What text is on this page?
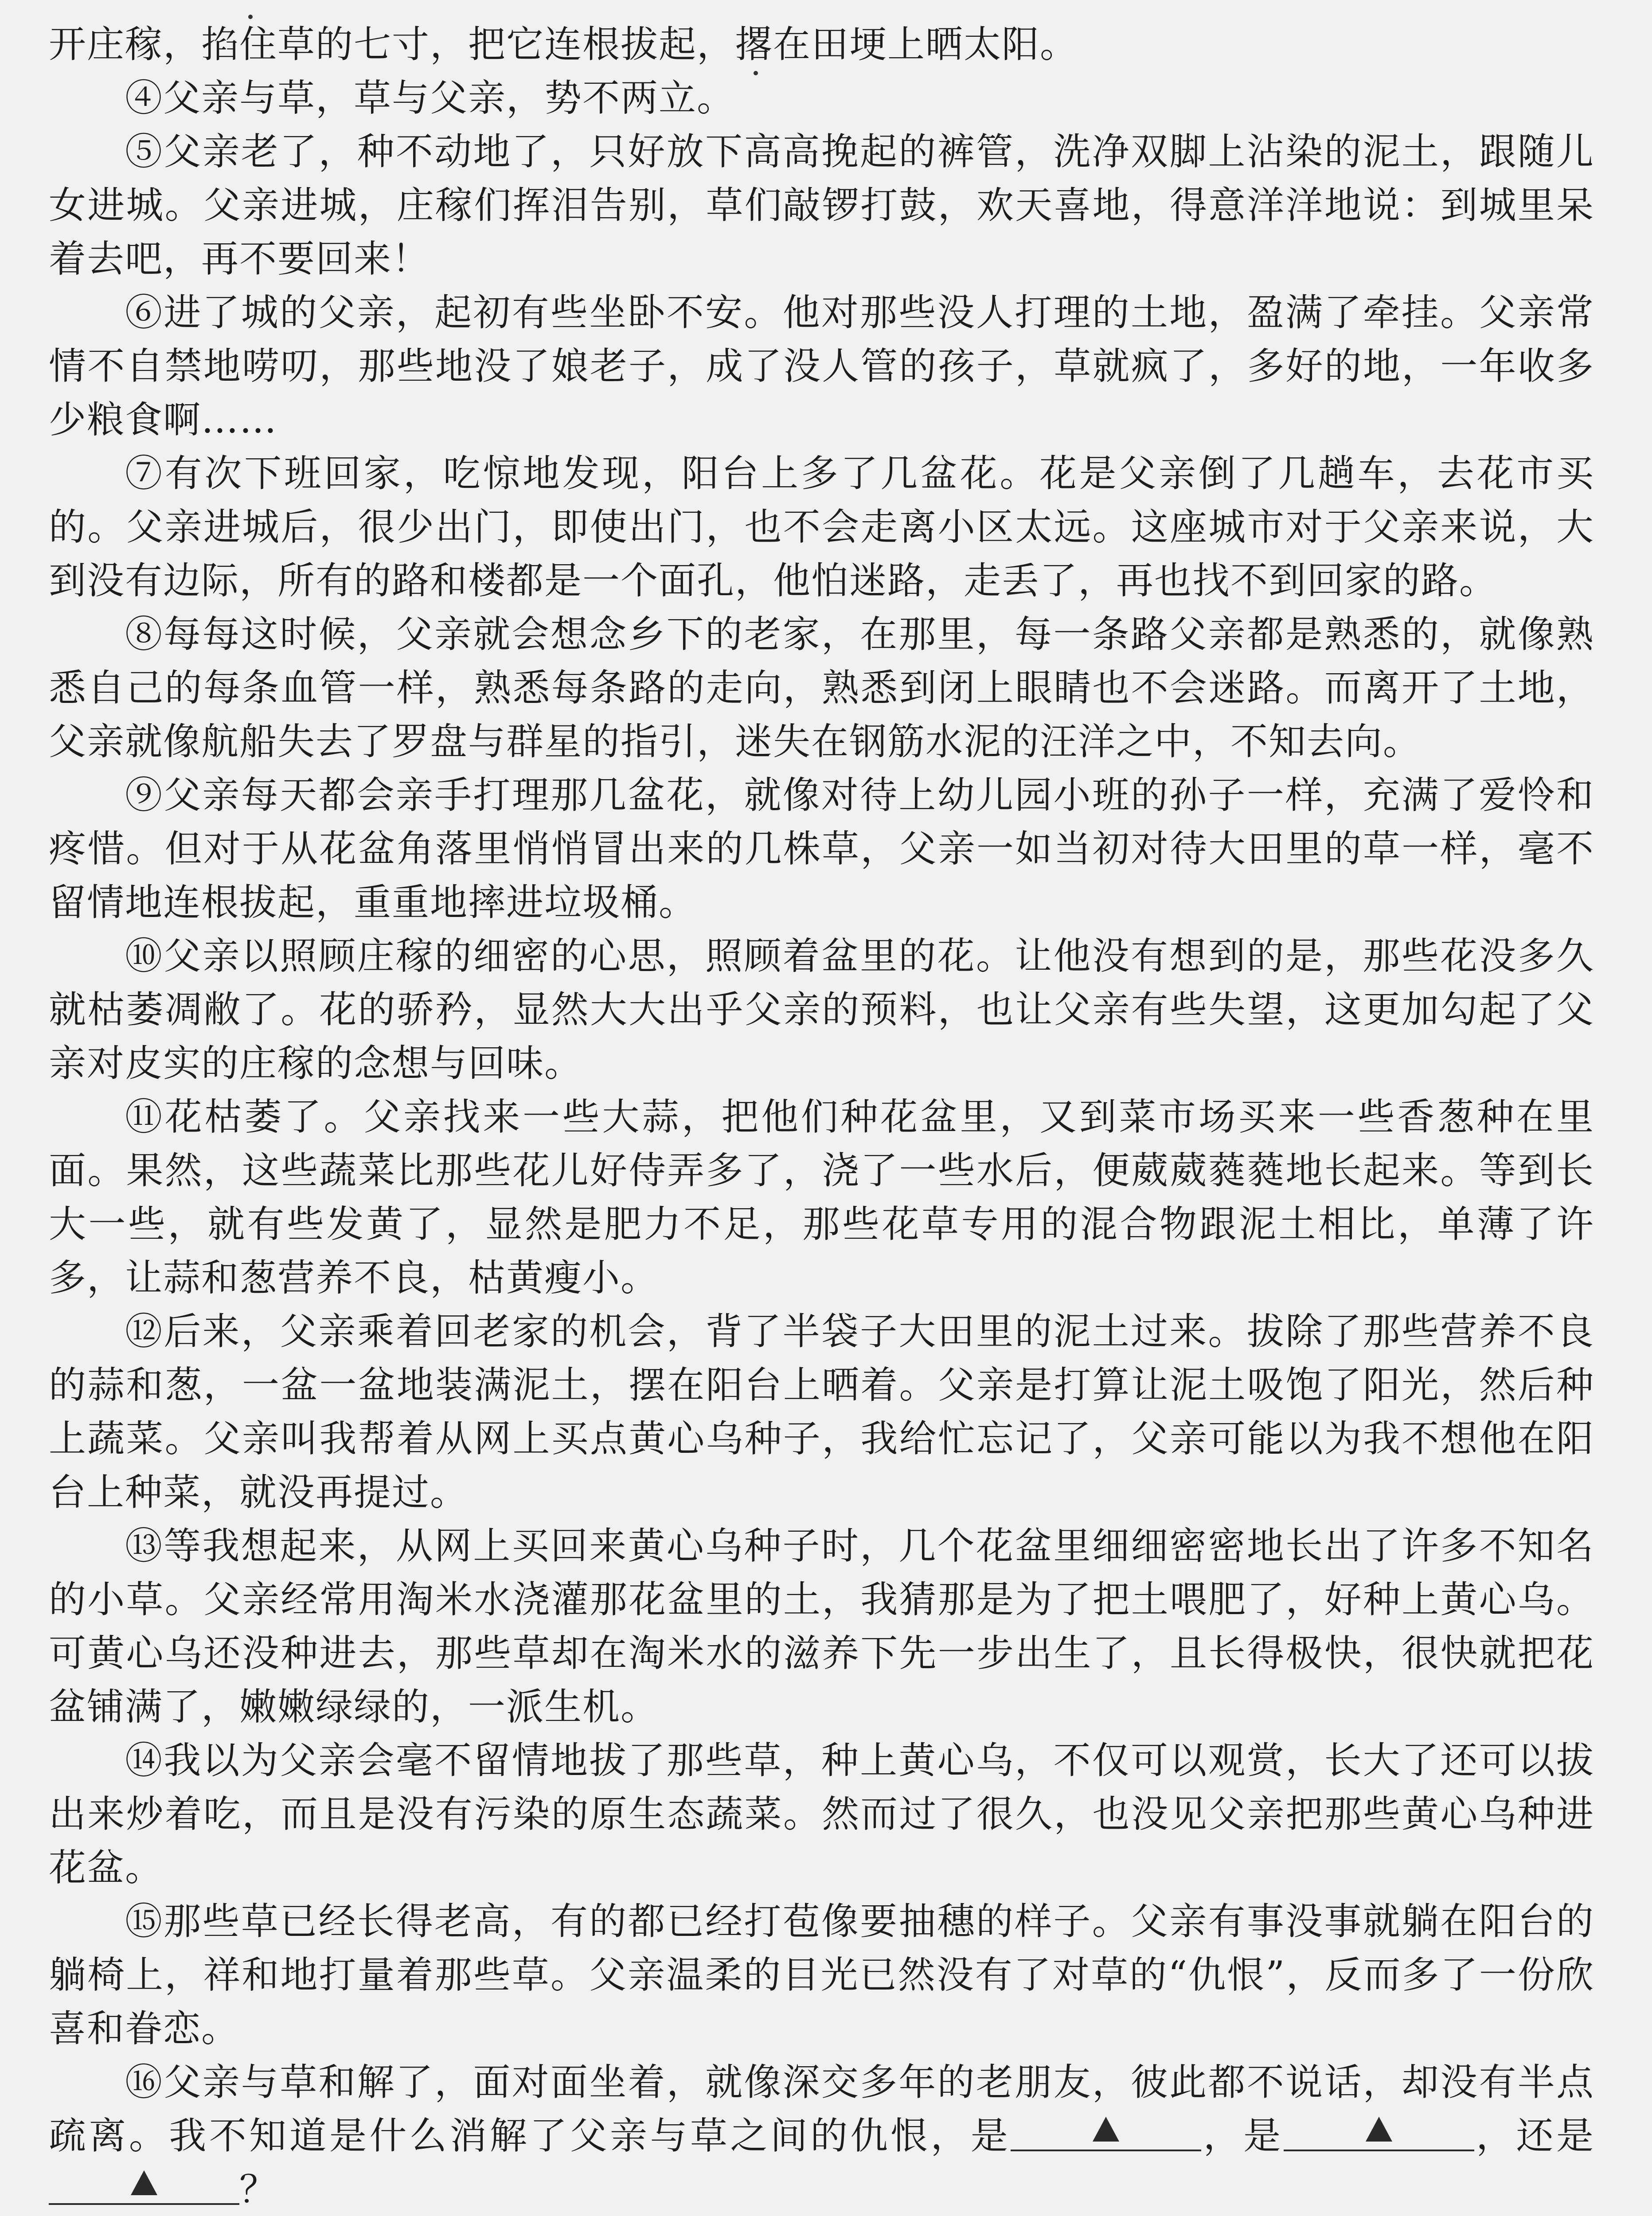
开庄稼，掐住草的七寸，把它连根拔起，撂在田埂上晒太阳。

④父亲与草，草与父亲，势不两立。

⑤父亲老了，种不动地了，只好放下高高挽起的裤管，洗净双脚上沾染的泥土，跟随儿女进城。父亲进城，庄稼们挥泪告别，草们敲锣打鼓，欢天喜地，得意洋洋地说：到城里呆着去吧，再不要回来！

⑥进了城的父亲，起初有些坐卧不安。他对那些没人打理的土地，盈满了牵挂。父亲常情不自禁地唠叨，那些地没了娘老子，成了没人管的孩子，草就疯了，多好的地，一年收多少粮食啊……

⑦有次下班回家，吃惊地发现，阳台上多了几盆花。花是父亲倒了几趟车，去花市买的。父亲进城后，很少出门，即使出门，也不会走离小区太远。这座城市对于父亲来说，大到没有边际，所有的路和楼都是一个面孔，他怕迷路，走丢了，再也找不到回家的路。

⑧每每这时候，父亲就会想念乡下的老家，在那里，每一条路父亲都是熟悉的，就像熟悉自己的每条血管一样，熟悉每条路的走向，熟悉到闭上眼睛也不会迷路。而离开了土地，父亲就像航船失去了罗盘与群星的指引，迷失在钢筋水泥的汪洋之中，不知去向。

⑨父亲每天都会亲手打理那几盆花，就像对待上幼儿园小班的孙子一样，充满了爱怜和疼惜。但对于从花盆角落里悄悄冒出来的几株草，父亲一如当初对待大田里的草一样，毫不留情地连根拔起，重重地摔进垃圾桶。

⑩父亲以照顾庄稼的细密的心思，照顾着盆里的花。让他没有想到的是，那些花没多久就枯萎凋敝了。花的骄矜，显然大大出乎父亲的预料，也让父亲有些失望，这更加勾起了父亲对皮实的庄稼的念想与回味。

⑪花枯萎了。父亲找来一些大蒜，把他们种花盆里，又到菜市场买来一些香葱种在里面。果然，这些蔬菜比那些花儿好侍弄多了，浇了一些水后，便葳葳蕤蕤地长起来。等到长大一些，就有些发黄了，显然是肥力不足，那些花草专用的混合物跟泥土相比，单薄了许多，让蒜和葱营养不良，枯黄瘦小。

⑫后来，父亲乘着回老家的机会，背了半袋子大田里的泥土过来。拔除了那些营养不良的蒜和葱，一盆一盆地装满泥土，摆在阳台上晒着。父亲是打算让泥土吸饱了阳光，然后种上蔬菜。父亲叫我帮着从网上买点黄心乌种子，我给忙忘记了，父亲可能以为我不想他在阳台上种菜，就没再提过。

⑬等我想起来，从网上买回来黄心乌种子时，几个花盆里细细密密地长出了许多不知名的小草。父亲经常用淘米水浇灌那花盆里的土，我猜那是为了把土喂肥了，好种上黄心乌。可黄心乌还没种进去，那些草却在淘米水的滋养下先一步出生了，且长得极快，很快就把花盆铺满了，嫩嫩绿绿的，一派生机。

⑭我以为父亲会毫不留情地拔了那些草，种上黄心乌，不仅可以观赏，长大了还可以拔出来炒着吃，而且是没有污染的原生态蔬菜。然而过了很久，也没见父亲把那些黄心乌种进花盆。

⑮那些草已经长得老高，有的都已经打苞像要抽穗的样子。父亲有事没事就躺在阳台的躺椅上，祥和地打量着那些草。父亲温柔的目光已然没有了对草的“仇恨”，反而多了一份欣喜和眷恋。

⑯父亲与草和解了，面对面坐着，就像深交多年的老朋友，彼此都不说话，却没有半点疏离。我不知道是什么消解了父亲与草之间的仇恨，是	，是	，还是
？
